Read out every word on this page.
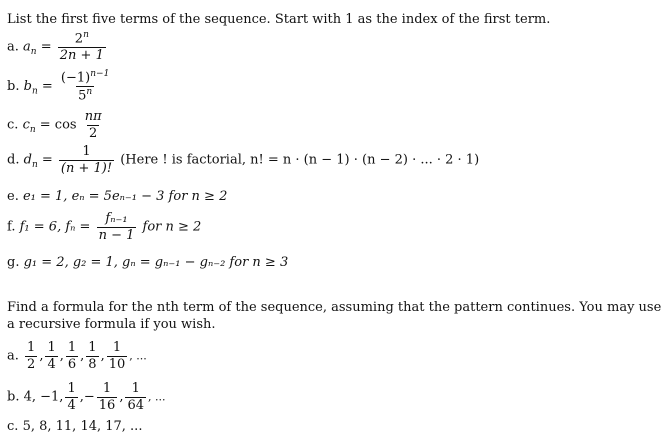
List the first five terms of the sequence. Start with 1 as the index of the first term.
a. $a_n = \frac{2^n}{2n + 1}$
b. $b_n = \frac{(-1)^{n-1}}{5^n}$
c. $c_n = \cos \frac{n\pi}{2}$
d. $d_n = \frac{1}{(n + 1)!}$ (Here ! is factorial, n! = n · (n − 1) · (n − 2) · ... · 2 · 1)
e. e₁ = 1, eₙ = 5eₙ₋₁ − 3 for n ≥ 2
f. f₁ = 6, $f_n = \frac{\text{fₙ₋₁}}{n - 1}$ for n ≥ 2
g. g₁ = 2, g₂ = 1, gₙ = gₙ₋₁ − gₙ₋₂ for n ≥ 3
Find a formula for the nth term of the sequence, assuming that the pattern continues. You may use
a recursive formula if you wish.
a. $\frac{1}{2}$ , $\frac{1}{4}$ , $\frac{1}{6}$ , $\frac{1}{8}$ , $\frac{1}{10}$ , ...
b. 4, −1, $\frac{1}{4}$ ,− $\frac{1}{16}$ , $\frac{1}{64}$ , ...
c. 5, 8, 11, 14, 17, ...
